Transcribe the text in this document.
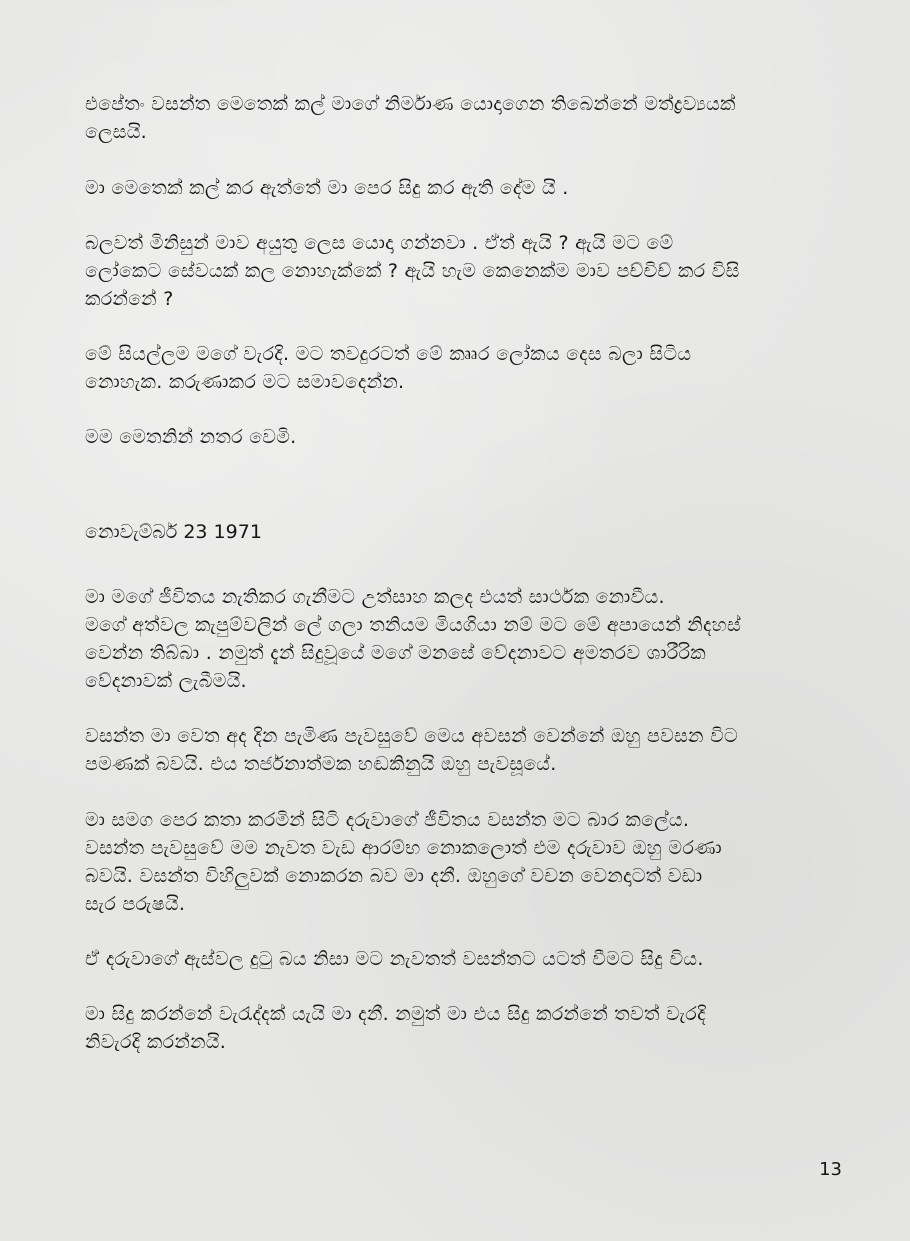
එපේතං වසන්ත මෙතෙක් කල් මාගේ නිර්මාණ යොදාගෙන තිබෙන්නේ මත්ද්‍රව්‍යයක්
ලෙසයි.
මා මෙතෙක් කල් කර ඇත්තේ මා පෙර සිදු කර ඇති දේම යි .
බලවත් මිනිසුන් මාව අයුතු ලෙස යොදා ගන්නවා . ඒත් ඇයි ? ඇයි මට මේ
ලෝකෙට සේවයක් කල නොහැක්කේ ? ඇයි හැම කෙනෙක්ම මාව පච්චිච් කර විසි
කරන්නේ ?
මේ සියල්ලම මගේ වැරදි. මට තවදුරටත් මේ කෲර ලෝකය දෙස බලා සිටිය
නොහැක. කරුණාකර මට සමාවදෙන්න.
මම මෙතනින් නතර වෙමි.
නොවැම්බර් 23 1971
මා මගේ ජීවිතය නැතිකර ගැනීමට උත්සාහ කලද එයත් සාර්ථක නොවීය.
මගේ අත්වල කැපුම්වලින් ලේ ගලා තනියම මියගියා නම් මට මේ අපායෙන් නිදහස්
වෙන්න තිබ්බා . නමුත් දැන් සිදුවූයේ මගේ මනසේ වේදනාවට අමතරව ශාරීරික
වේදනාවක් ලැබීමයි.
වසන්ත මා වෙත අද දින පැමිණ පැවසුවේ මෙය අවසන් වෙන්නේ ඔහු පවසන විට
පමණක් බවයි. එය තර්ජනාත්මක හඬකිනුයි ඔහු පැවසූයේ.
මා සමග පෙර කතා කරමින් සිටි දරුවාගේ ජීවිතය වසන්ත මට බාර කලේය.
වසන්ත පැවසුවේ මම නැවත වැඩ ආරම්භ නොකලොත් එම දරුවාව ඔහු මරණා
බවයි. වසන්ත විහිලුවක් නොකරන බව මා දනී. ඔහුගේ වචන වෙනදාටත් වඩා
සැර පරුෂයි.
ඒ දරුවාගේ ඇස්වල දුටු බය නිසා මට නැවතත් වසන්තට යටත් වීමට සිදු විය.
මා සිදු කරන්නේ වැරැද්දක් යැයි මා දනී. නමුත් මා එය සිදු කරන්නේ තවත් වැරදි
නිවැරදි කරන්නයි.
13
